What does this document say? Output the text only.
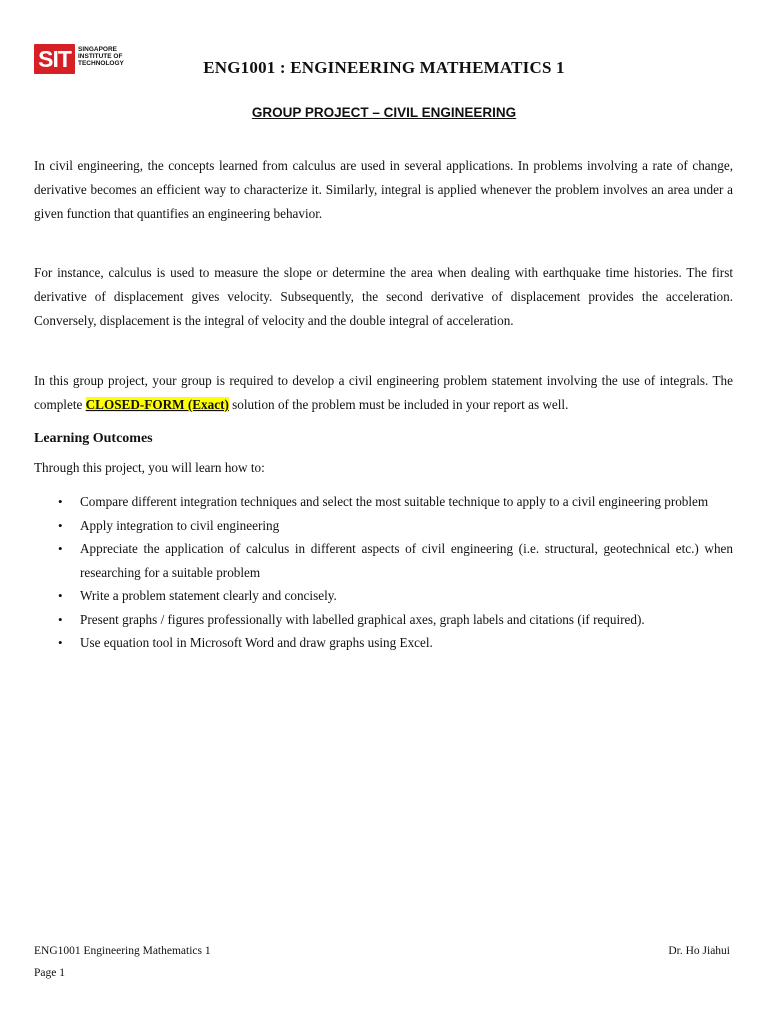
SIT	SINGAPORE
INSTITUTE OF
TECHNOLOGY	ENG1001 : ENGINEERING MATHEMATICS 1
GROUP PROJECT – CIVIL ENGINEERING

In civil engineering, the concepts learned from calculus are used in several applications. In problems involving a rate of change, derivative becomes an efficient way to characterize it. Similarly, integral is applied whenever the problem involves an area under a given function that quantifies an engineering behavior.

For instance, calculus is used to measure the slope or determine the area when dealing with earthquake time histories. The first derivative of displacement gives velocity. Subsequently, the second derivative of displacement provides the acceleration. Conversely, displacement is the integral of velocity and the double integral of acceleration.

In this group project, your group is required to develop a civil engineering problem statement involving the use of integrals. The complete CLOSED-FORM (Exact) solution of the problem must be included in your report as well.

Learning Outcomes

Through this project, you will learn how to:

• Compare different integration techniques and select the most suitable technique to apply to a civil engineering problem
• Apply integration to civil engineering
• Appreciate the application of calculus in different aspects of civil engineering (i.e. structural, geotechnical etc.) when researching for a suitable problem
• Write a problem statement clearly and concisely.
• Present graphs / figures professionally with labelled graphical axes, graph labels and citations (if required).
• Use equation tool in Microsoft Word and draw graphs using Excel.

ENG1001 Engineering Mathematics 1	Dr. Ho Jiahui

Page 1
